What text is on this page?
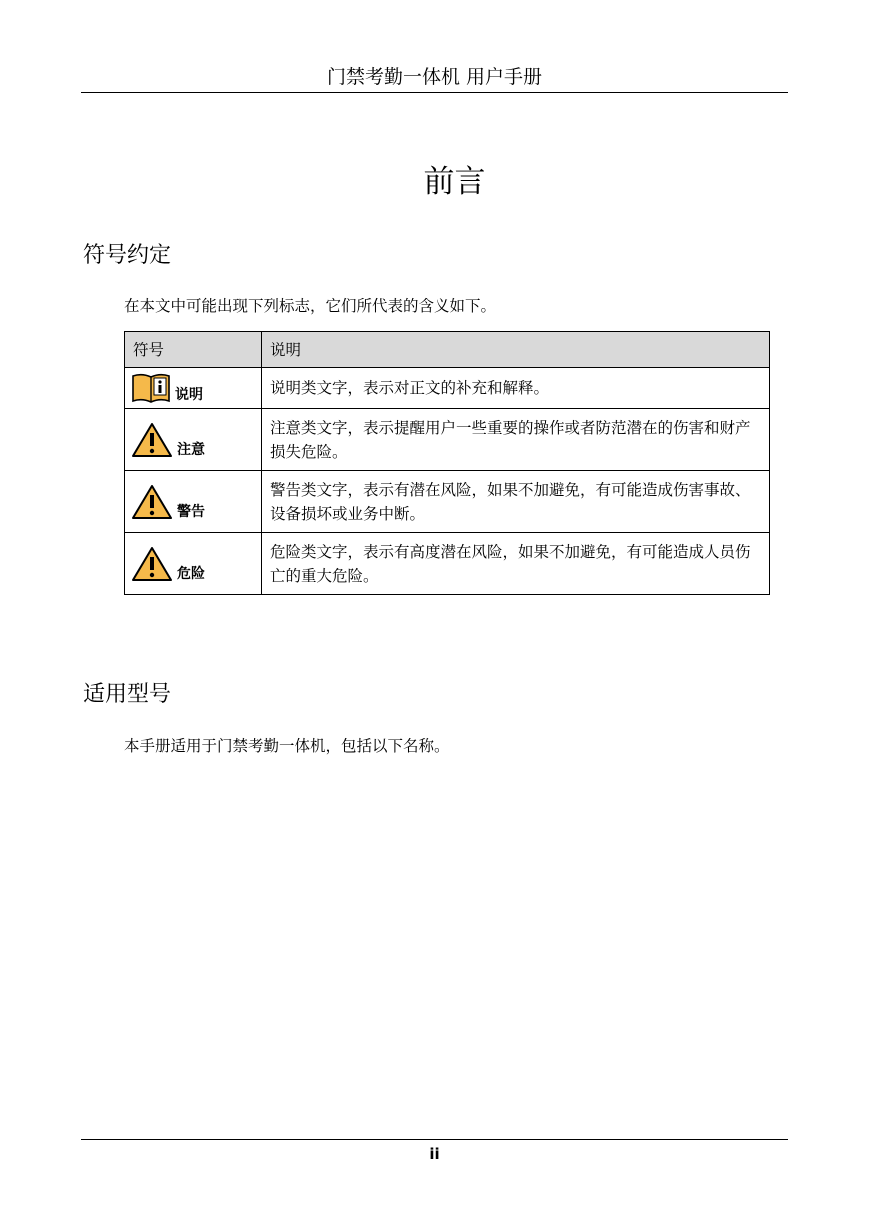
门禁考勤一体机 用户手册
前言
符号约定
在本文中可能出现下列标志，它们所代表的含义如下。
符号	说明

说明	说明类文字，表示对正文的补充和解释。

注意	注意类文字，表示提醒用户一些重要的操作或者防范潜在的伤害和财产损失危险。

警告	警告类文字，表示有潜在风险，如果不加避免，有可能造成伤害事故、设备损坏或业务中断。

危险	危险类文字，表示有高度潜在风险，如果不加避免，有可能造成人员伤亡的重大危险。
适用型号
本手册适用于门禁考勤一体机，包括以下名称。
ii
